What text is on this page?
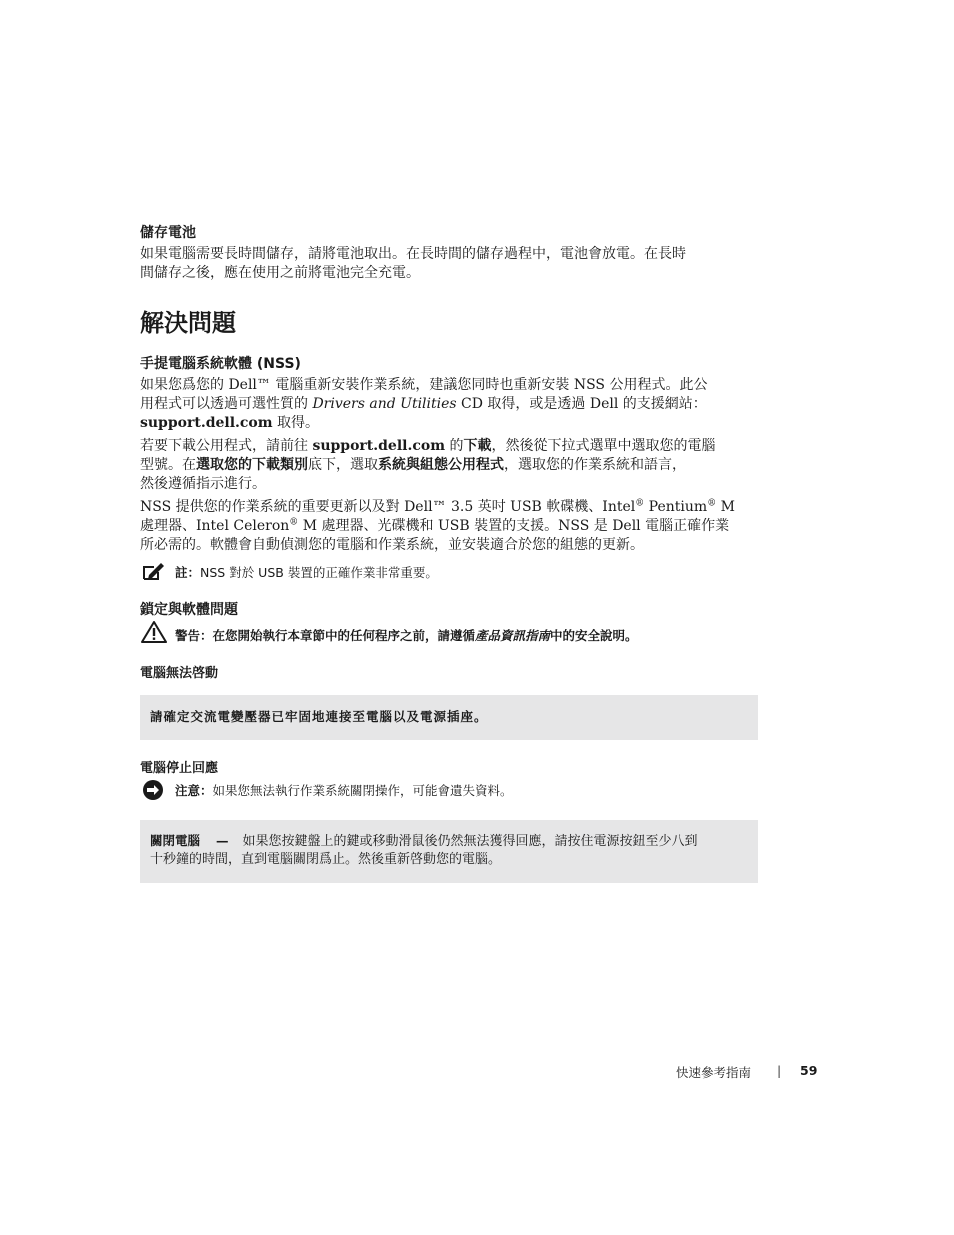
儲存電池
如果電腦需要長時間儲存，請將電池取出。在長時間的儲存過程中，電池會放電。在長時
間儲存之後，應在使用之前將電池完全充電。
解決問題
手提電腦系統軟體 (NSS)
如果您爲您的 Dell™ 電腦重新安裝作業系統，建議您同時也重新安裝 NSS 公用程式。此公
用程式可以透過可選性質的 Drivers and Utilities CD 取得，或是透過 Dell 的支援網站：
support.dell.com 取得。
若要下載公用程式，請前往 support.dell.com 的下載，然後從下拉式選單中選取您的電腦
型號。在選取您的下載類別底下，選取系統與組態公用程式，選取您的作業系統和語言，
然後遵循指示進行。
NSS 提供您的作業系統的重要更新以及對 Dell™ 3.5 英吋 USB 軟碟機、Intel® Pentium® M
處理器、Intel Celeron® M 處理器、光碟機和 USB 裝置的支援。NSS 是 Dell 電腦正確作業
所必需的。軟體會自動偵測您的電腦和作業系統，並安裝適合於您的組態的更新。
註：NSS 對於 USB 裝置的正確作業非常重要。
鎖定與軟體問題
警告：在您開始執行本章節中的任何程序之前，請遵循產品資訊指南中的安全說明。
電腦無法啓動
請確定交流電變壓器已牢固地連接至電腦以及電源插座。
電腦停止回應
注意：如果您無法執行作業系統關閉操作，可能會遺失資料。
關閉電腦 — 如果您按鍵盤上的鍵或移動滑鼠後仍然無法獲得回應，請按住電源按鈕至少八到
十秒鐘的時間，直到電腦關閉爲止。然後重新啓動您的電腦。
快速參考指南 | 59
